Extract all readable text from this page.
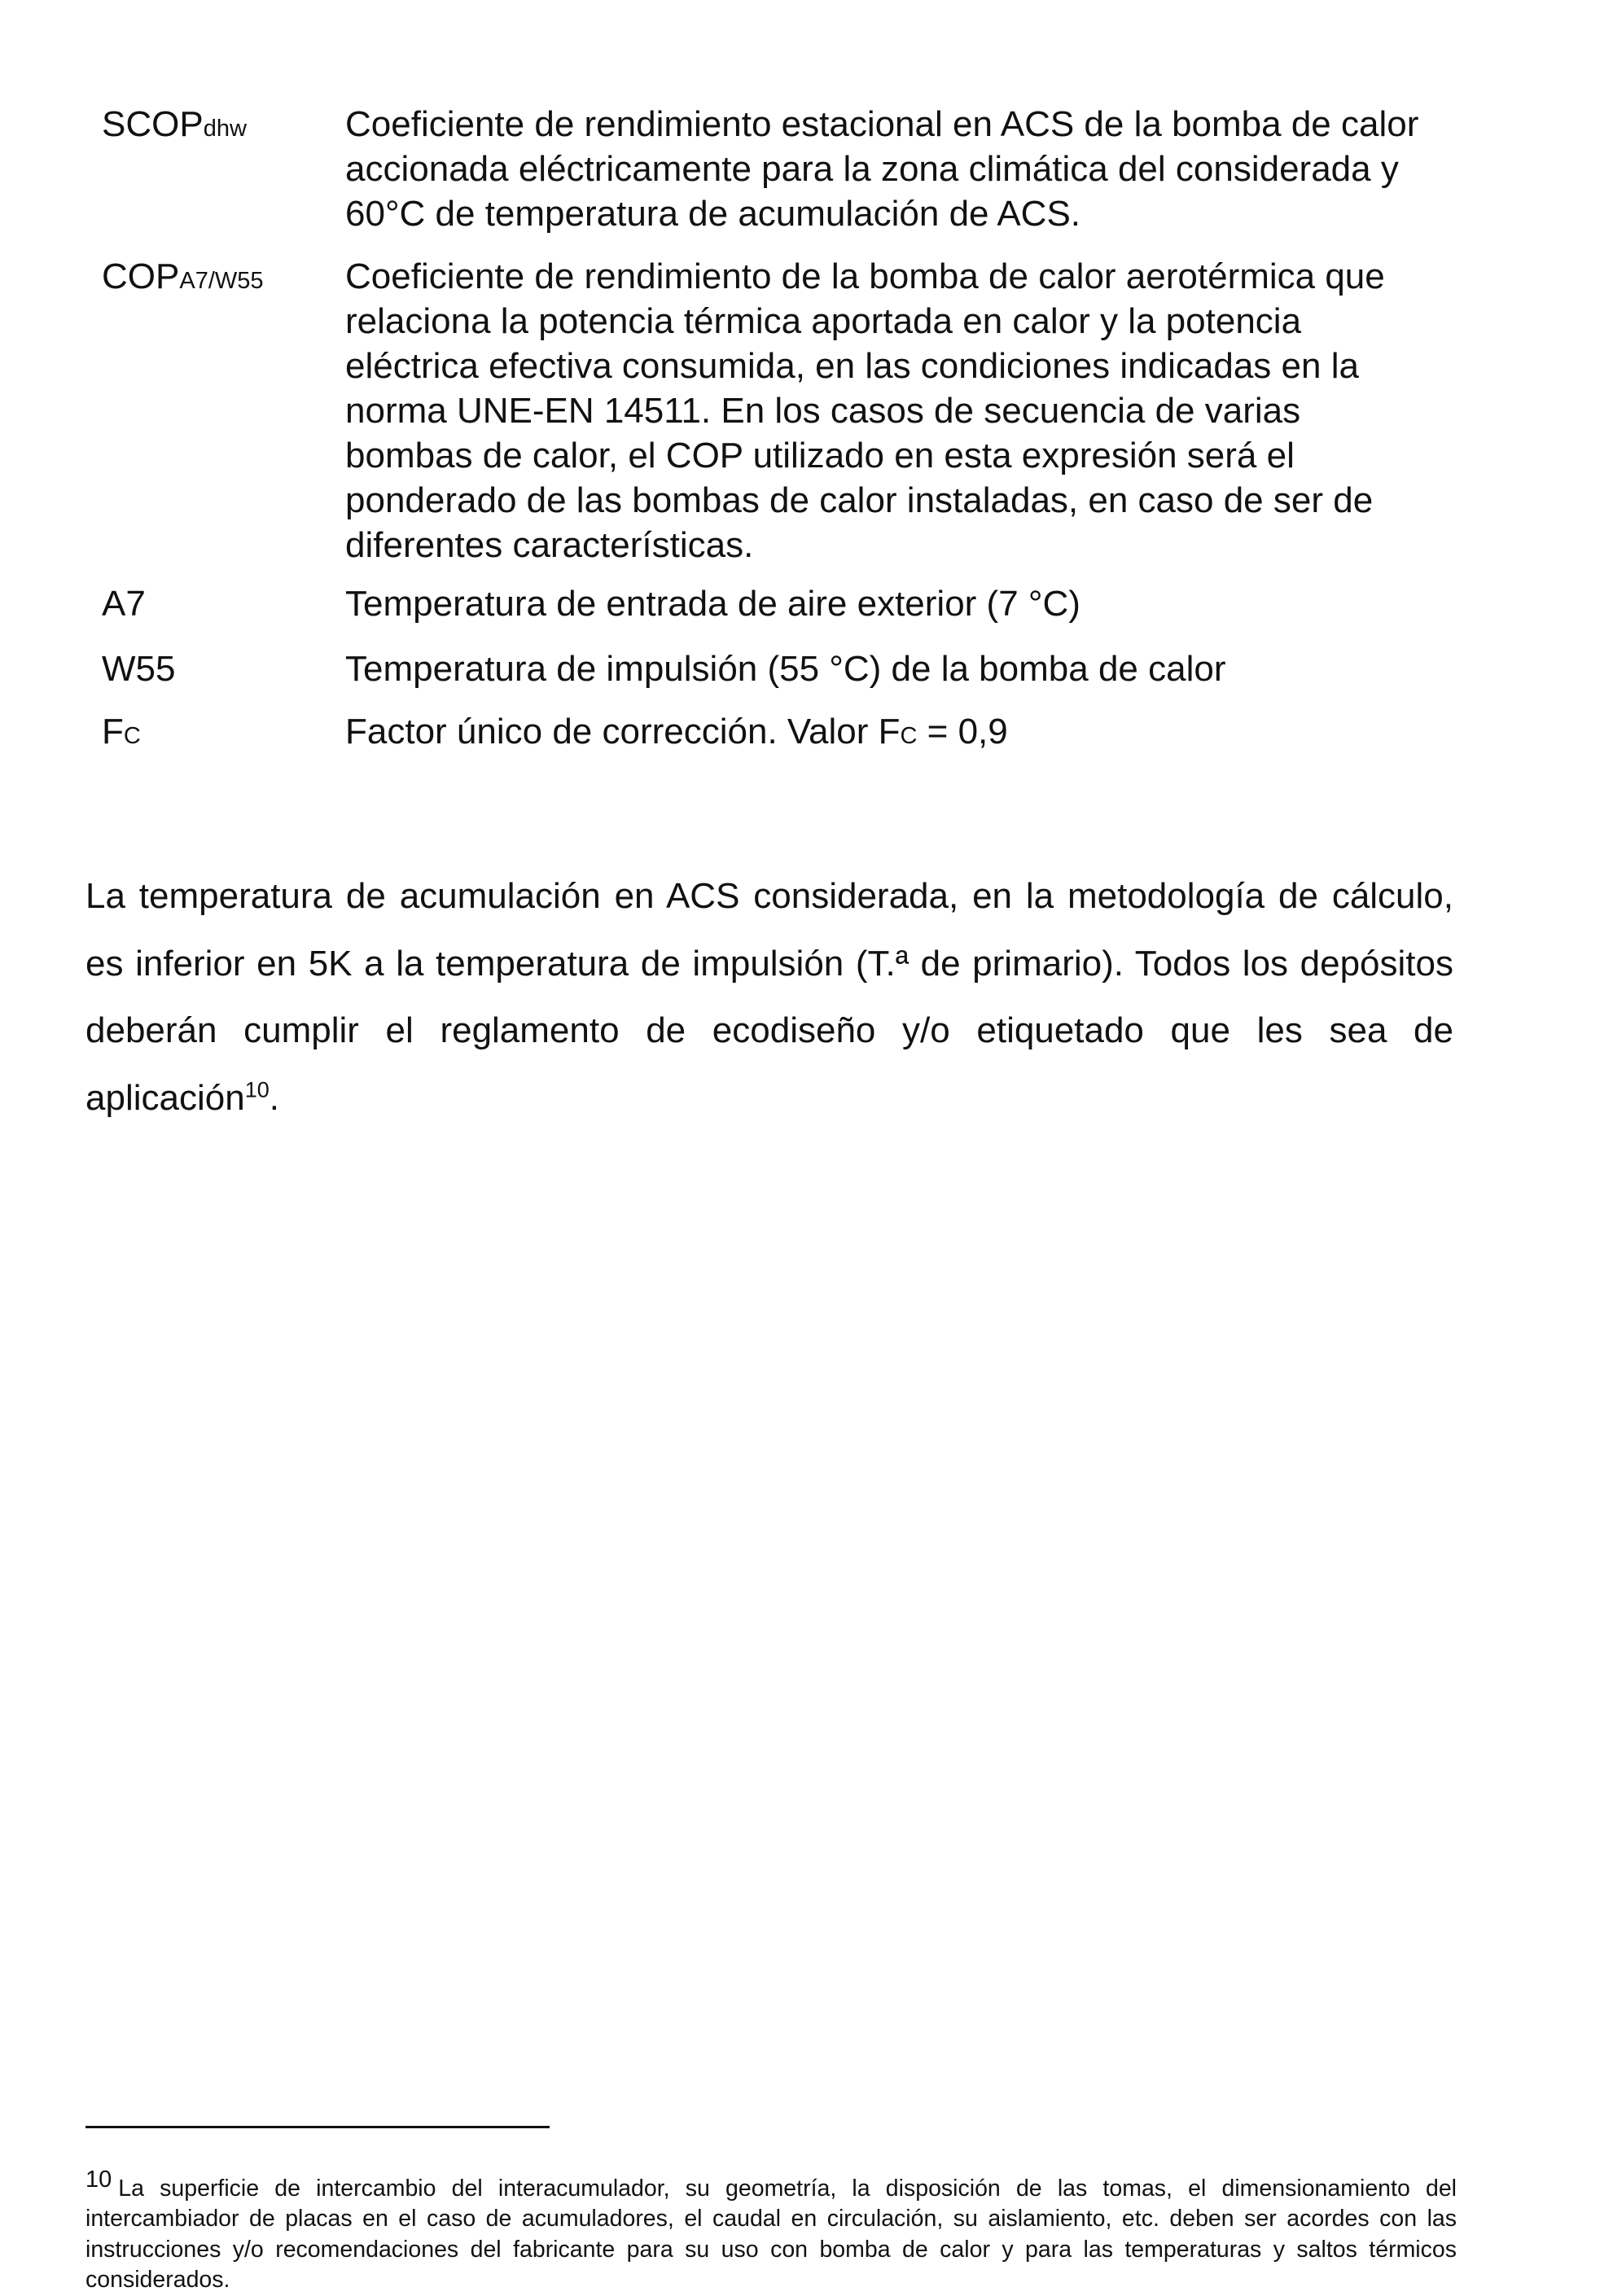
SCOPdhw	Coeficiente de rendimiento estacional en ACS de la bomba de calor accionada eléctricamente para la zona climática del considerada y 60°C de temperatura de acumulación de ACS.
COPA7/W55	Coeficiente de rendimiento de la bomba de calor aerotérmica que relaciona la potencia térmica aportada en calor y la potencia eléctrica efectiva consumida, en las condiciones indicadas en la norma UNE-EN 14511. En los casos de secuencia de varias bombas de calor, el COP utilizado en esta expresión será el ponderado de las bombas de calor instaladas, en caso de ser de diferentes características.
A7	Temperatura de entrada de aire exterior (7 °C)
W55	Temperatura de impulsión (55 °C) de la bomba de calor
FC	Factor único de corrección. Valor FC = 0,9

La temperatura de acumulación en ACS considerada, en la metodología de cálculo, es inferior en 5K a la temperatura de impulsión (T.ª de primario). Todos los depósitos deberán cumplir el reglamento de ecodiseño y/o etiquetado que les sea de aplicación$^{10}$.

10 La superficie de intercambio del interacumulador, su geometría, la disposición de las tomas, el dimensionamiento del intercambiador de placas en el caso de acumuladores, el caudal en circulación, su aislamiento, etc. deben ser acordes con las instrucciones y/o recomendaciones del fabricante para su uso con bomba de calor y para las temperaturas y saltos térmicos considerados.
